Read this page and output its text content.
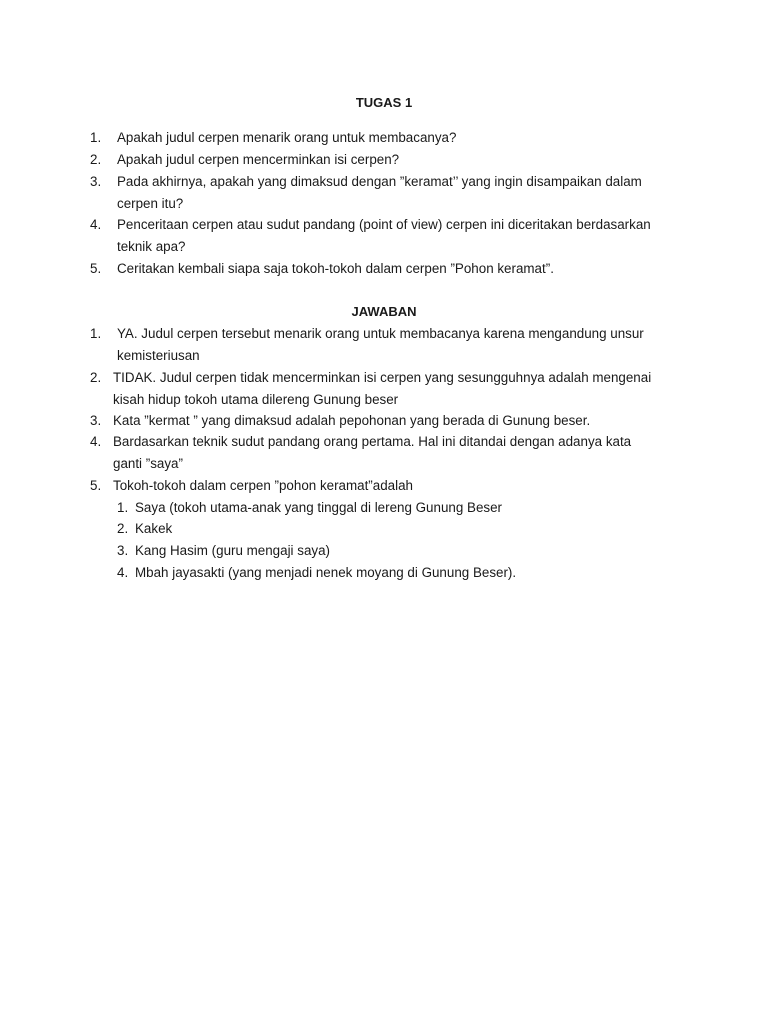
TUGAS 1
1. Apakah judul cerpen menarik orang untuk membacanya?
2. Apakah judul cerpen mencerminkan isi cerpen?
3. Pada akhirnya, apakah yang dimaksud dengan ”keramat’’ yang ingin disampaikan dalam
cerpen itu?
4. Penceritaan cerpen atau sudut pandang (point of view) cerpen ini diceritakan berdasarkan
teknik apa?
5. Ceritakan kembali siapa saja tokoh-tokoh dalam cerpen ”Pohon keramat”.
JAWABAN
1. YA. Judul cerpen tersebut menarik orang untuk membacanya karena mengandung unsur
kemisteriusan
2. TIDAK. Judul cerpen tidak mencerminkan isi cerpen yang sesungguhnya adalah mengenai
kisah hidup tokoh utama dilereng Gunung beser
3. Kata ”kermat ” yang dimaksud adalah pepohonan yang berada di Gunung beser.
4. Bardasarkan teknik sudut pandang orang pertama. Hal ini ditandai dengan adanya kata
ganti ”saya”
5. Tokoh-tokoh dalam cerpen ”pohon keramat”adalah
1. Saya (tokoh utama-anak yang tinggal di lereng Gunung Beser
2. Kakek
3. Kang Hasim (guru mengaji saya)
4. Mbah jayasakti (yang menjadi nenek moyang di Gunung Beser).
